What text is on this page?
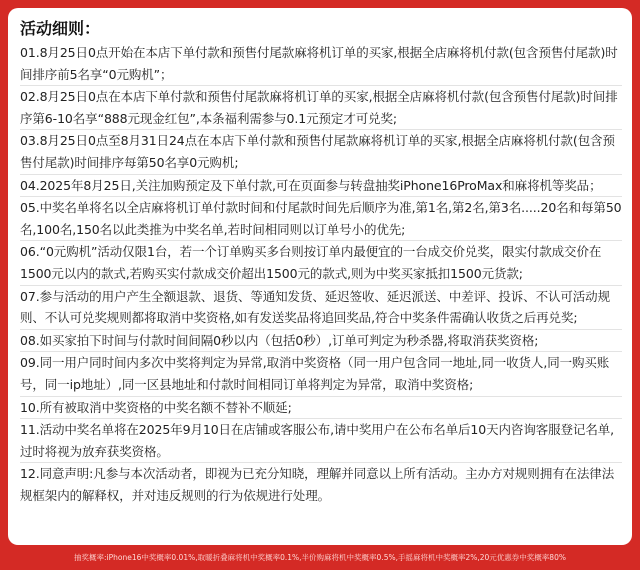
活动细则：
01.8月25日0点开始在本店下单付款和预售付尾款麻将机订单的买家,根据全店麻将机付款(包含预售付尾款)时间排序前5名享“0元购机”；
02.8月25日0点在本店下单付款和预售付尾款麻将机订单的买家,根据全店麻将机付款(包含预售付尾款)时间排序第6-10名享“888元现金红包”,本条福利需参与0.1元预定才可兑奖;
03.8月25日0点至8月31日24点在本店下单付款和预售付尾款麻将机订单的买家,根据全店麻将机付款(包含预售付尾款)时间排序每第50名享0元购机;
04.2025年8月25日,关注加购预定及下单付款,可在页面参与转盘抽奖iPhone16ProMax和麻将机等奖品；
05.中奖名单将名以全店麻将机订单付款时间和付尾款时间先后顺序为准,第1名,第2名,第3名.....20名和每第50名,100名,150名以此类推为中奖名单,若时间相同则以订单号小的优先;
06.“0元购机”活动仅限1台，若一个订单购买多台则按订单内最便宜的一台成交价兑奖，限实付款成交价在1500元以内的款式,若购买实付款成交价超出1500元的款式,则为中奖买家抵扣1500元货款;
07.参与活动的用户产生全额退款、退货、等通知发货、延迟签收、延迟派送、中差评、投诉、不认可活动规则、不认可兑奖规则都将取消中奖资格,如有发送奖品将追回奖品,符合中奖条件需确认收货之后再兑奖;
08.如买家拍下时间与付款时间间隔0秒以内（包括0秒）,订单可判定为秒杀器,将取消获奖资格;
09.同一用户同时间内多次中奖将判定为异常,取消中奖资格（同一用户包含同一地址,同一收货人,同一购买账号，同一ip地址）,同一区县地址和付款时间相同订单将判定为异常，取消中奖资格;
10.所有被取消中奖资格的中奖名额不替补不顺延;
11.活动中奖名单将在2025年9月10日在店铺或客服公布,请中奖用户在公布名单后10天内咨询客服登记名单,过时将视为放弃获奖资格。
12.同意声明:凡参与本次活动者，即视为已充分知晓，理解并同意以上所有活动。主办方对规则拥有在法律法规框架内的解释权，并对违反规则的行为依规进行处理。
抽奖概率:iPhone16中奖概率0.01%,取暖折叠麻将机中奖概率0.1%,半价购麻将机中奖概率0.5%,手摇麻将机中奖概率2%,20元优惠券中奖概率80%
